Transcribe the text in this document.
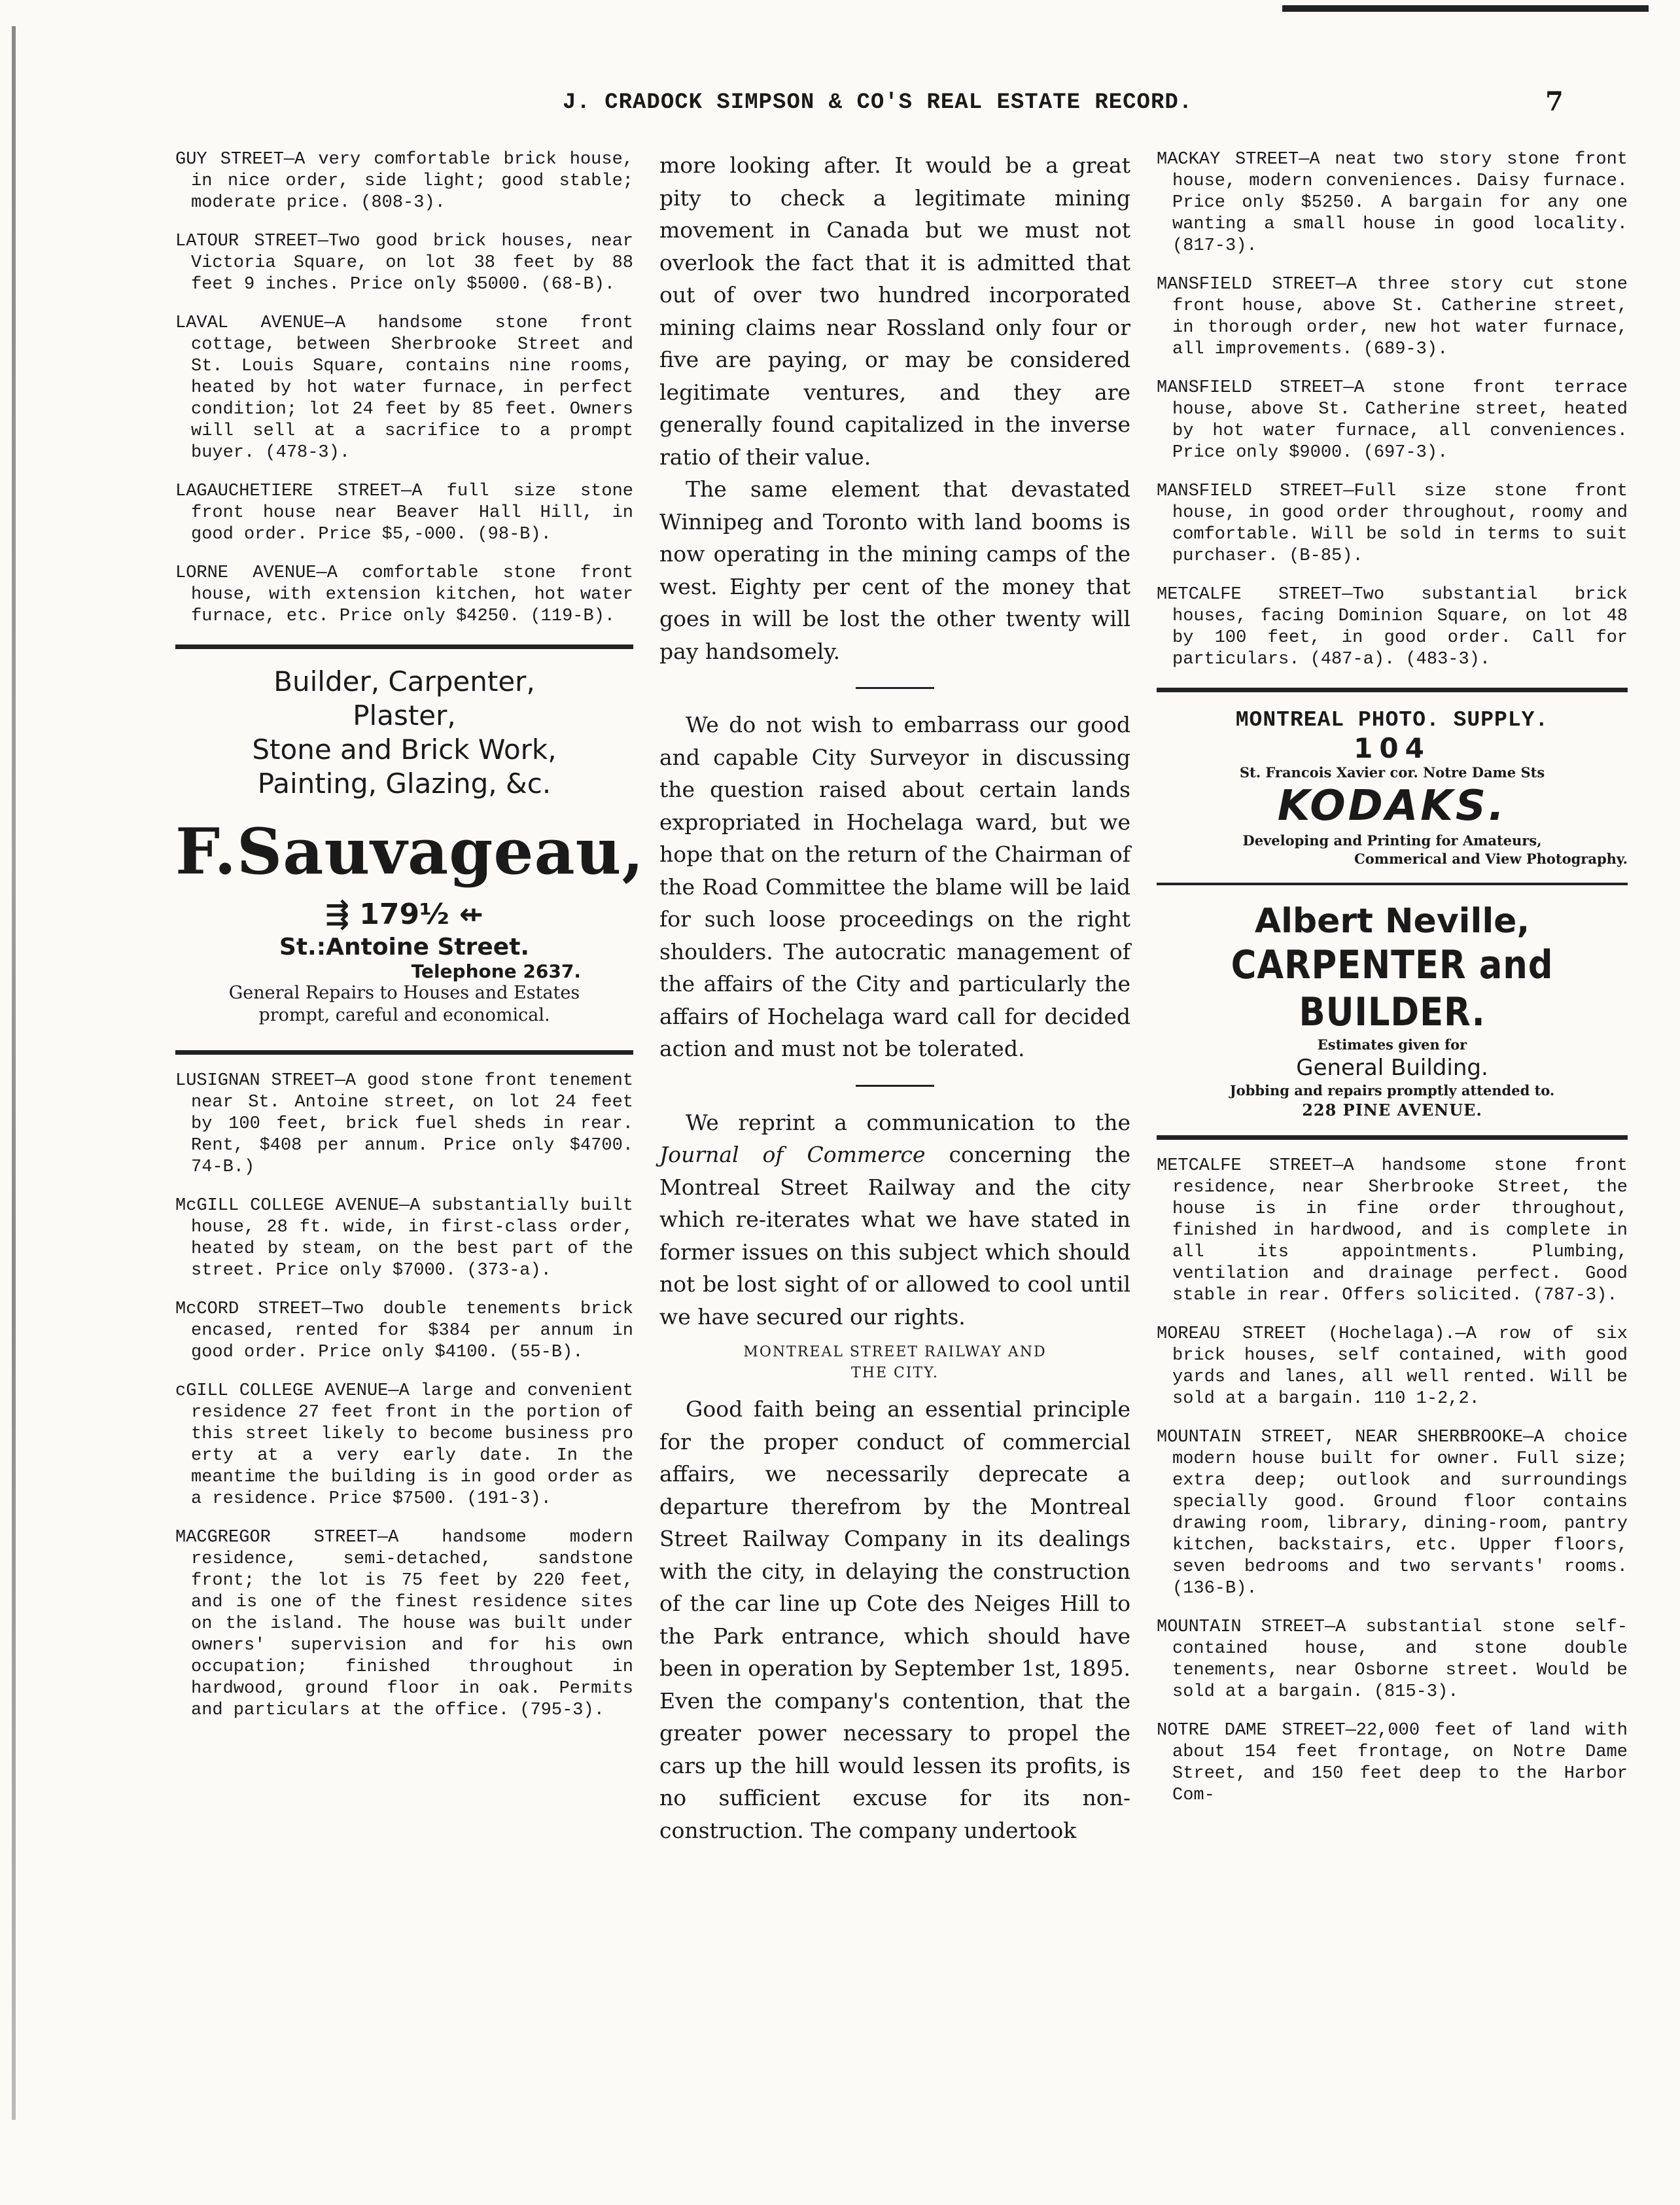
J. CRADOCK SIMPSON & CO'S REAL ESTATE RECORD.	7
GUY STREET—A very comfortable brick house, in nice order, side light; good stable; moderate price. (808-3).
LATOUR STREET—Two good brick houses, near Victoria Square, on lot 38 feet by 88 feet 9 inches. Price only $5000. (68-B).
LAVAL AVENUE—A handsome stone front cottage, between Sherbrooke Street and St. Louis Square, contains nine rooms, heated by hot water furnace, in perfect condition; lot 24 feet by 85 feet. Owners will sell at a sacrifice to a prompt buyer. (478-3).
LAGAUCHETIERE STREET—A full size stone front house near Beaver Hall Hill, in good order. Price $5,-000. (98-B).
LORNE AVENUE—A comfortable stone front house, with extension kitchen, hot water furnace, etc. Price only $4250. (119-B).
Builder, Carpenter,
Plaster,
Stone and Brick Work,
Painting, Glazing, &c.
F.Sauvageau,
⇶ 179½ ⇷
St.:Antoine Street.
Telephone 2637.
General Repairs to Houses and Estates
prompt, careful and economical.
LUSIGNAN STREET—A good stone front tenement near St. Antoine street, on lot 24 feet by 100 feet, brick fuel sheds in rear. Rent, $408 per annum. Price only $4700. 74-B.)
McGILL COLLEGE AVENUE—A substantially built house, 28 ft. wide, in first-class order, heated by steam, on the best part of the street. Price only $7000. (373-a).
McCORD STREET—Two double tenements brick encased, rented for $384 per annum in good order. Price only $4100. (55-B).
cGILL COLLEGE AVENUE—A large and convenient residence 27 feet front in the portion of this street likely to become business pro erty at a very early date. In the meantime the building is in good order as a residence. Price $7500. (191-3).
MACGREGOR STREET—A handsome modern residence, semi-detached, sandstone front; the lot is 75 feet by 220 feet, and is one of the finest residence sites on the island. The house was built under owners' supervision and for his own occupation; finished throughout in hardwood, ground floor in oak. Permits and particulars at the office. (795-3).

more looking after. It would be a great pity to check a legitimate mining movement in Canada but we must not overlook the fact that it is admitted that out of over two hundred incorporated mining claims near Rossland only four or five are paying, or may be considered legitimate ventures, and they are generally found capitalized in the inverse ratio of their value.

The same element that devastated Winnipeg and Toronto with land booms is now operating in the mining camps of the west. Eighty per cent of the money that goes in will be lost the other twenty will pay handsomely.

We do not wish to embarrass our good and capable City Surveyor in discussing the question raised about certain lands expropriated in Hochelaga ward, but we hope that on the return of the Chairman of the Road Committee the blame will be laid for such loose proceedings on the right shoulders. The autocratic management of the affairs of the City and particularly the affairs of Hochelaga ward call for decided action and must not be tolerated.

We reprint a communication to the Journal of Commerce concerning the Montreal Street Railway and the city which re-iterates what we have stated in former issues on this subject which should not be lost sight of or allowed to cool until we have secured our rights.

MONTREAL STREET RAILWAY AND
THE CITY.

Good faith being an essential principle for the proper conduct of commercial affairs, we necessarily deprecate a departure therefrom by the Montreal Street Railway Company in its dealings with the city, in delaying the construction of the car line up Cote des Neiges Hill to the Park entrance, which should have been in operation by September 1st, 1895. Even the company's contention, that the greater power necessary to propel the cars up the hill would lessen its profits, is no sufficient excuse for its non-construction. The company undertook

MACKAY STREET—A neat two story stone front house, modern conveniences. Daisy furnace. Price only $5250. A bargain for any one wanting a small house in good locality. (817-3).
MANSFIELD STREET—A three story cut stone front house, above St. Catherine street, in thorough order, new hot water furnace, all improvements. (689-3).
MANSFIELD STREET—A stone front terrace house, above St. Catherine street, heated by hot water furnace, all conveniences. Price only $9000. (697-3).
MANSFIELD STREET—Full size stone front house, in good order throughout, roomy and comfortable. Will be sold in terms to suit purchaser. (B-85).
METCALFE STREET—Two substantial brick houses, facing Dominion Square, on lot 48 by 100 feet, in good order. Call for particulars. (487-a). (483-3).
MONTREAL PHOTO. SUPPLY.
104
St. Francois Xavier cor. Notre Dame Sts
KODAKS.
Developing and Printing for Amateurs,
Commerical and View Photography.
Albert Neville,
CARPENTER and BUILDER.
Estimates given for
General Building.
Jobbing and repairs promptly attended to.
228 PINE AVENUE.
METCALFE STREET—A handsome stone front residence, near Sherbrooke Street, the house is in fine order throughout, finished in hardwood, and is complete in all its appointments. Plumbing, ventilation and drainage perfect. Good stable in rear. Offers solicited. (787-3).
MOREAU STREET (Hochelaga).—A row of six brick houses, self contained, with good yards and lanes, all well rented. Will be sold at a bargain. 110 1-2,2.
MOUNTAIN STREET, NEAR SHERBROOKE—A choice modern house built for owner. Full size; extra deep; outlook and surroundings specially good. Ground floor contains drawing room, library, dining-room, pantry kitchen, backstairs, etc. Upper floors, seven bedrooms and two servants' rooms. (136-B).
MOUNTAIN STREET—A substantial stone self-contained house, and stone double tenements, near Osborne street. Would be sold at a bargain. (815-3).
NOTRE DAME STREET—22,000 feet of land with about 154 feet frontage, on Notre Dame Street, and 150 feet deep to the Harbor Com-
